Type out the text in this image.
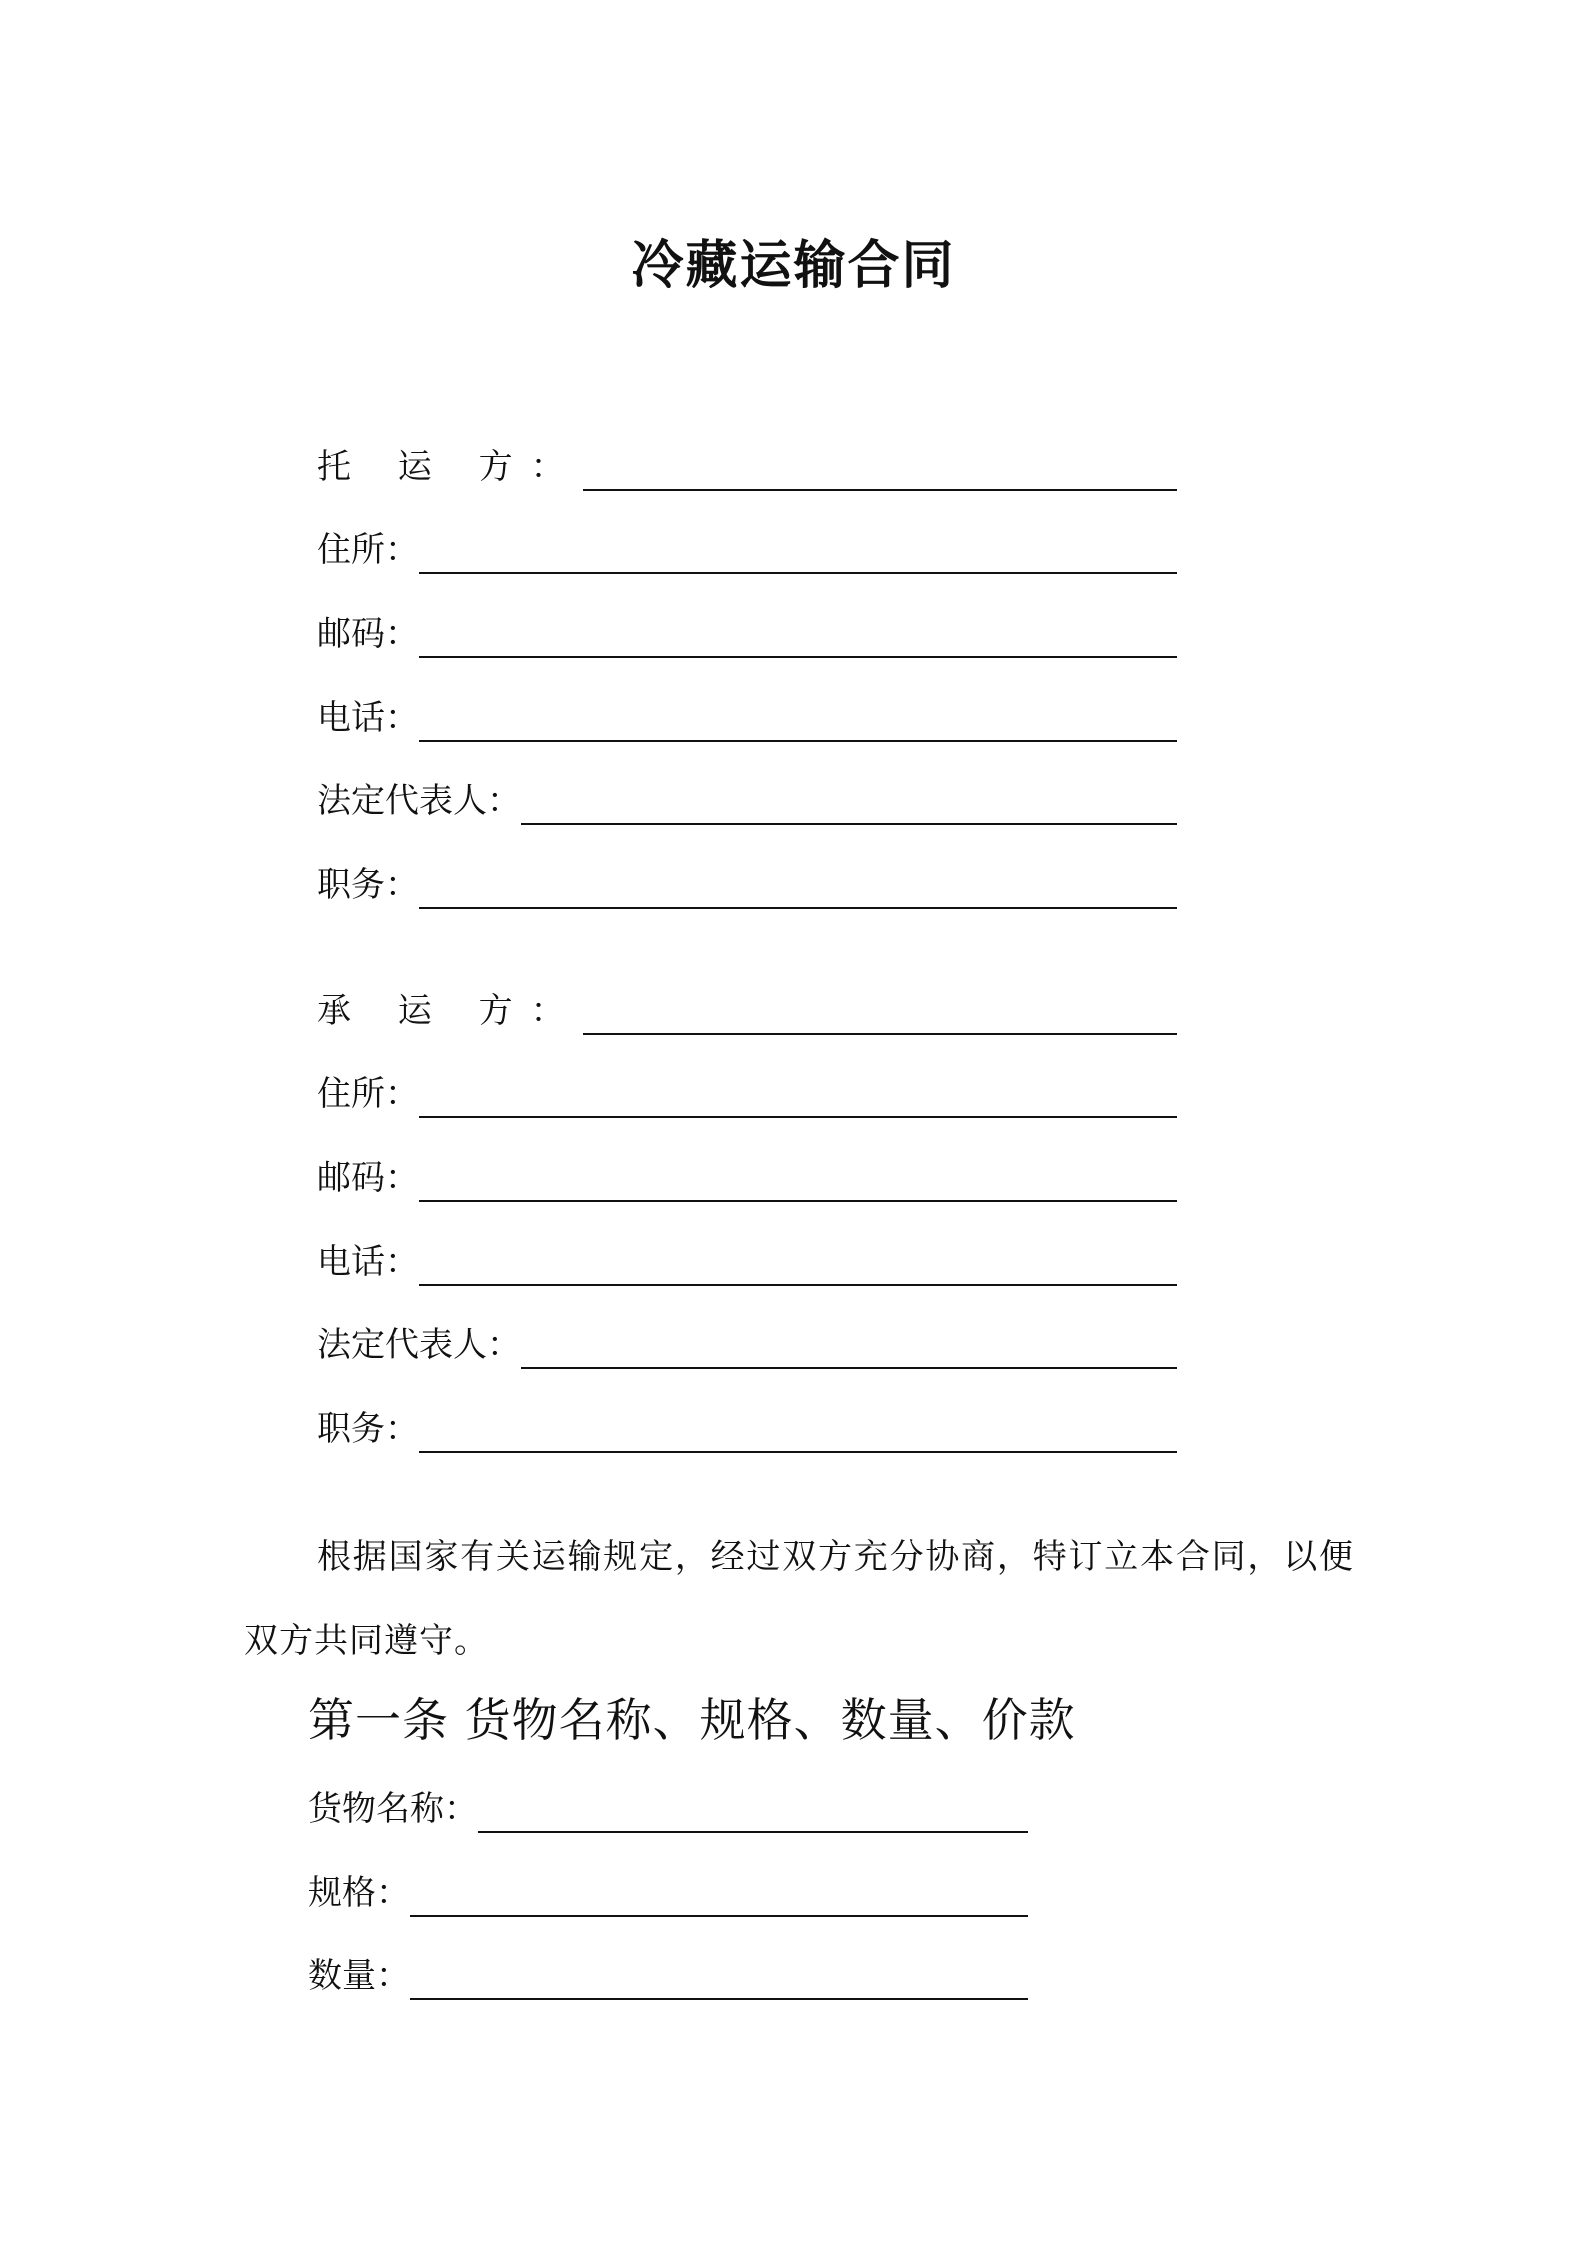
冷藏运输合同
托 运 方：
住所：
邮码：
电话：
法定代表人：
职务：
承 运 方：
住所：
邮码：
电话：
法定代表人：
职务：
根据国家有关运输规定，经过双方充分协商，特订立本合同，以便双方共同遵守。
第一条 货物名称、规格、数量、价款
货物名称：
规格：
数量：
